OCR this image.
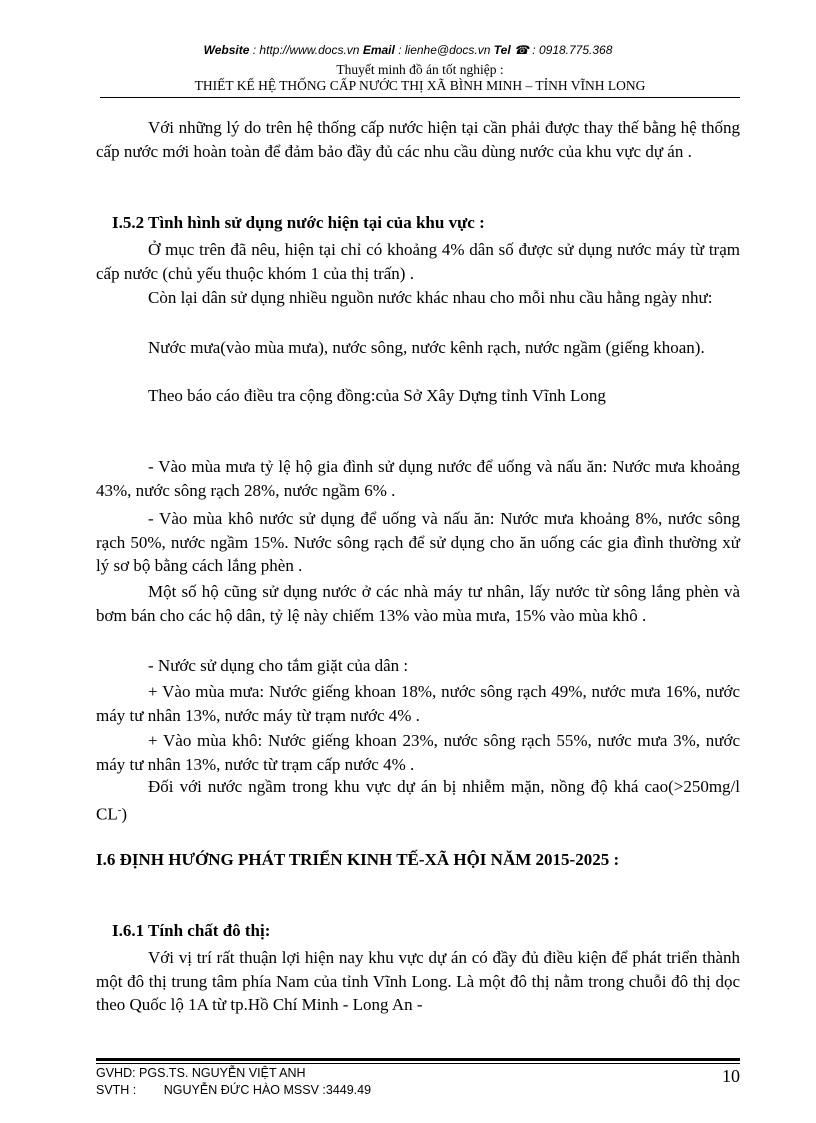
Website : http://www.docs.vn Email : lienhe@docs.vn Tel ☎ : 0918.775.368
Thuyết minh đồ án tốt nghiệp :
THIẾT KẾ HỆ THỐNG CẤP NƯỚC THỊ XÃ BÌNH MINH – TỈNH VĨNH LONG

Với những lý do trên hệ thống cấp nước hiện tại cần phải được thay thế bằng hệ thống cấp nước mới hoàn toàn để đảm bảo đầy đủ các nhu cầu dùng nước của khu vực dự án .

I.5.2 Tình hình sử dụng nước hiện tại của khu vực :

Ở mục trên đã nêu, hiện tại chỉ có khoảng 4% dân số được sử dụng nước máy từ trạm cấp nước (chủ yếu thuộc khóm 1 của thị trấn) .

Còn lại dân sử dụng nhiều nguồn nước khác nhau cho mỗi nhu cầu hằng ngày như:

Nước mưa(vào mùa mưa), nước sông, nước kênh rạch, nước ngầm (giếng khoan).

Theo báo cáo điều tra cộng đồng:của Sở Xây Dựng tỉnh Vĩnh Long

- Vào mùa mưa tỷ lệ hộ gia đình sử dụng nước để uống và nấu ăn: Nước mưa khoảng 43%, nước sông rạch 28%, nước ngầm 6% .

- Vào mùa khô nước sử dụng để uống và nấu ăn: Nước mưa khoảng 8%, nước sông rạch 50%, nước ngầm 15%. Nước sông rạch để sử dụng cho ăn uống các gia đình thường xử lý sơ bộ bằng cách lắng phèn .

Một số hộ cũng sử dụng nước ở các nhà máy tư nhân, lấy nước từ sông lắng phèn và bơm bán cho các hộ dân, tỷ lệ này chiếm 13% vào mùa mưa, 15% vào mùa khô .

- Nước sử dụng cho tắm giặt của dân :

+ Vào mùa mưa: Nước giếng khoan 18%, nước sông rạch 49%, nước mưa 16%, nước máy tư nhân 13%, nước máy từ trạm nước 4% .

+ Vào mùa khô: Nước giếng khoan 23%, nước sông rạch 55%, nước mưa 3%, nước máy tư nhân 13%, nước từ trạm cấp nước 4% .

Đối với nước ngầm trong khu vực dự án bị nhiễm mặn, nồng độ khá cao(>250mg/l CL-)

I.6 ĐỊNH HƯỚNG PHÁT TRIỂN KINH TẾ-XÃ HỘI NĂM 2015-2025 :
I.6.1 Tính chất đô thị:

Với vị trí rất thuận lợi hiện nay khu vực dự án có đầy đủ điều kiện để phát triển thành một đô thị trung tâm phía Nam của tỉnh Vĩnh Long. Là một đô thị nằm trong chuỗi đô thị dọc theo Quốc lộ 1A từ tp.Hồ Chí Minh - Long An -

GVHD: PGS.TS. NGUYỄN VIỆT ANH
SVTH : NGUYỄN ĐỨC HÀO MSSV :3449.49
10
